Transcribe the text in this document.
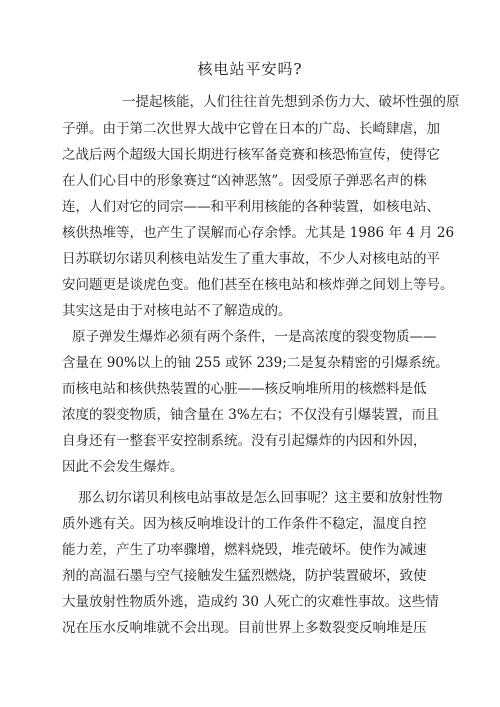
核电站平安吗?
一提起核能，人们往往首先想到杀伤力大、破坏性强的原
子弹。由于第二次世界大战中它曾在日本的广岛、长崎肆虐，加
之战后两个超级大国长期进行核军备竞赛和核恐怖宣传，使得它
在人们心目中的形象赛过“凶神恶煞”。因受原子弹恶名声的株
连，人们对它的同宗——和平利用核能的各种装置，如核电站、
核供热堆等，也产生了误解而心存余悸。尤其是 1986 年 4 月 26
日苏联切尔诺贝利核电站发生了重大事故，不少人对核电站的平
安问题更是谈虎色变。他们甚至在核电站和核炸弹之间划上等号。
其实这是由于对核电站不了解造成的。
原子弹发生爆炸必须有两个条件，一是高浓度的裂变物质——
含量在 90%以上的铀 255 或钚 239;二是复杂精密的引爆系统。
而核电站和核供热装置的心脏——核反响堆所用的核燃料是低
浓度的裂变物质，铀含量在 3%左右；不仅没有引爆装置，而且
自身还有一整套平安控制系统。没有引起爆炸的内因和外因，
因此不会发生爆炸。
那么切尔诺贝利核电站事故是怎么回事呢？这主要和放射性物
质外逃有关。因为核反响堆设计的工作条件不稳定，温度自控
能力差，产生了功率骤增，燃料烧毁，堆壳破坏。使作为减速
剂的高温石墨与空气接触发生猛烈燃烧，防护装置破坏，致使
大量放射性物质外逃，造成约 30 人死亡的灾难性事故。这些情
况在压水反响堆就不会出现。目前世界上多数裂变反响堆是压
